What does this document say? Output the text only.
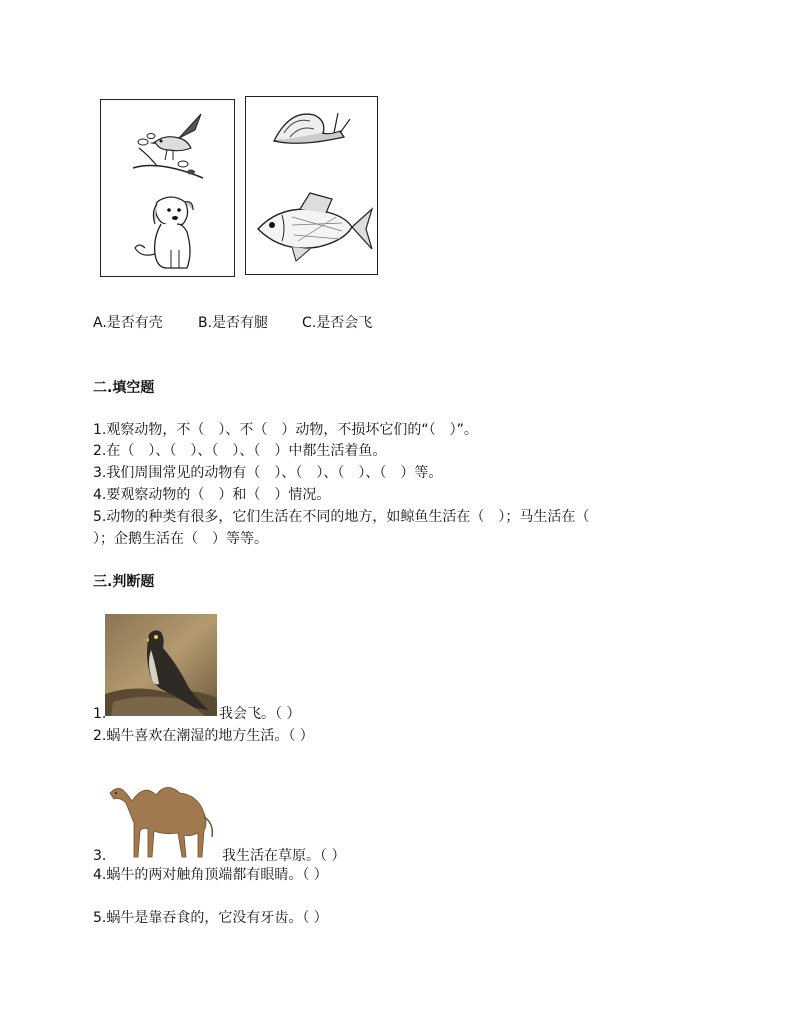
A.是否有壳	B.是否有腿 C.是否会飞
二.填空题
1.观察动物，不（　）、不（　）动物，不损坏它们的“（　）”。
2.在（　）、（　）、（　）、（　）中都生活着鱼。
3.我们周围常见的动物有（　）、（　）、（　）、（　）等。
4.要观察动物的（　）和（　）情况。
5.动物的种类有很多，它们生活在不同的地方，如鲸鱼生活在（　）；马生活在（
）；企鹅生活在（　）等等。
三.判断题
1.	我会飞。（ ）
2.蜗牛喜欢在潮湿的地方生活。（ ）
3.	我生活在草原。（ ）
4.蜗牛的两对触角顶端都有眼睛。（ ）
5.蜗牛是靠吞食的，它没有牙齿。（ ）
